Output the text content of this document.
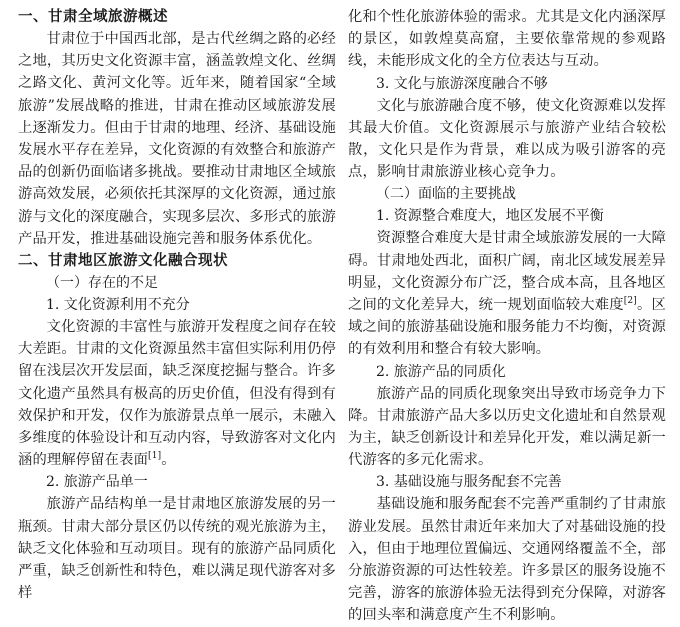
一、甘肃全域旅游概述

甘肃位于中国西北部，是古代丝绸之路的必经之地，其历史文化资源丰富，涵盖敦煌文化、丝绸之路文化、黄河文化等。近年来，随着国家“全域旅游”发展战略的推进，甘肃在推动区域旅游发展上逐渐发力。但由于甘肃的地理、经济、基础设施发展水平存在差异，文化资源的有效整合和旅游产品的创新仍面临诸多挑战。要推动甘肃地区全域旅游高效发展，必须依托其深厚的文化资源，通过旅游与文化的深度融合，实现多层次、多形式的旅游产品开发，推进基础设施完善和服务体系优化。

二、甘肃地区旅游文化融合现状
（一）存在的不足
1. 文化资源利用不充分

文化资源的丰富性与旅游开发程度之间存在较大差距。甘肃的文化资源虽然丰富但实际利用仍停留在浅层次开发层面，缺乏深度挖掘与整合。许多文化遗产虽然具有极高的历史价值，但没有得到有效保护和开发，仅作为旅游景点单一展示，未融入多维度的体验设计和互动内容，导致游客对文化内涵的理解停留在表面[1]。

2. 旅游产品单一

旅游产品结构单一是甘肃地区旅游发展的另一瓶颈。甘肃大部分景区仍以传统的观光旅游为主，缺乏文化体验和互动项目。现有的旅游产品同质化严重，缺乏创新性和特色，难以满足现代游客对多样

化和个性化旅游体验的需求。尤其是文化内涵深厚的景区，如敦煌莫高窟，主要依靠常规的参观路线，未能形成文化的全方位表达与互动。

3. 文化与旅游深度融合不够

文化与旅游融合度不够，使文化资源难以发挥其最大价值。文化资源展示与旅游产业结合较松散，文化只是作为背景，难以成为吸引游客的亮点，影响甘肃旅游业核心竞争力。

（二）面临的主要挑战
1. 资源整合难度大，地区发展不平衡

资源整合难度大是甘肃全域旅游发展的一大障碍。甘肃地处西北，面积广阔，南北区域发展差异明显，文化资源分布广泛，整合成本高，且各地区之间的文化差异大，统一规划面临较大难度[2]。区域之间的旅游基础设施和服务能力不均衡，对资源的有效利用和整合有较大影响。

2. 旅游产品的同质化

旅游产品的同质化现象突出导致市场竞争力下降。甘肃旅游产品大多以历史文化遗址和自然景观为主，缺乏创新设计和差异化开发，难以满足新一代游客的多元化需求。

3. 基础设施与服务配套不完善

基础设施和服务配套不完善严重制约了甘肃旅游业发展。虽然甘肃近年来加大了对基础设施的投入，但由于地理位置偏远、交通网络覆盖不全，部分旅游资源的可达性较差。许多景区的服务设施不完善，游客的旅游体验无法得到充分保障，对游客的回头率和满意度产生不利影响。
